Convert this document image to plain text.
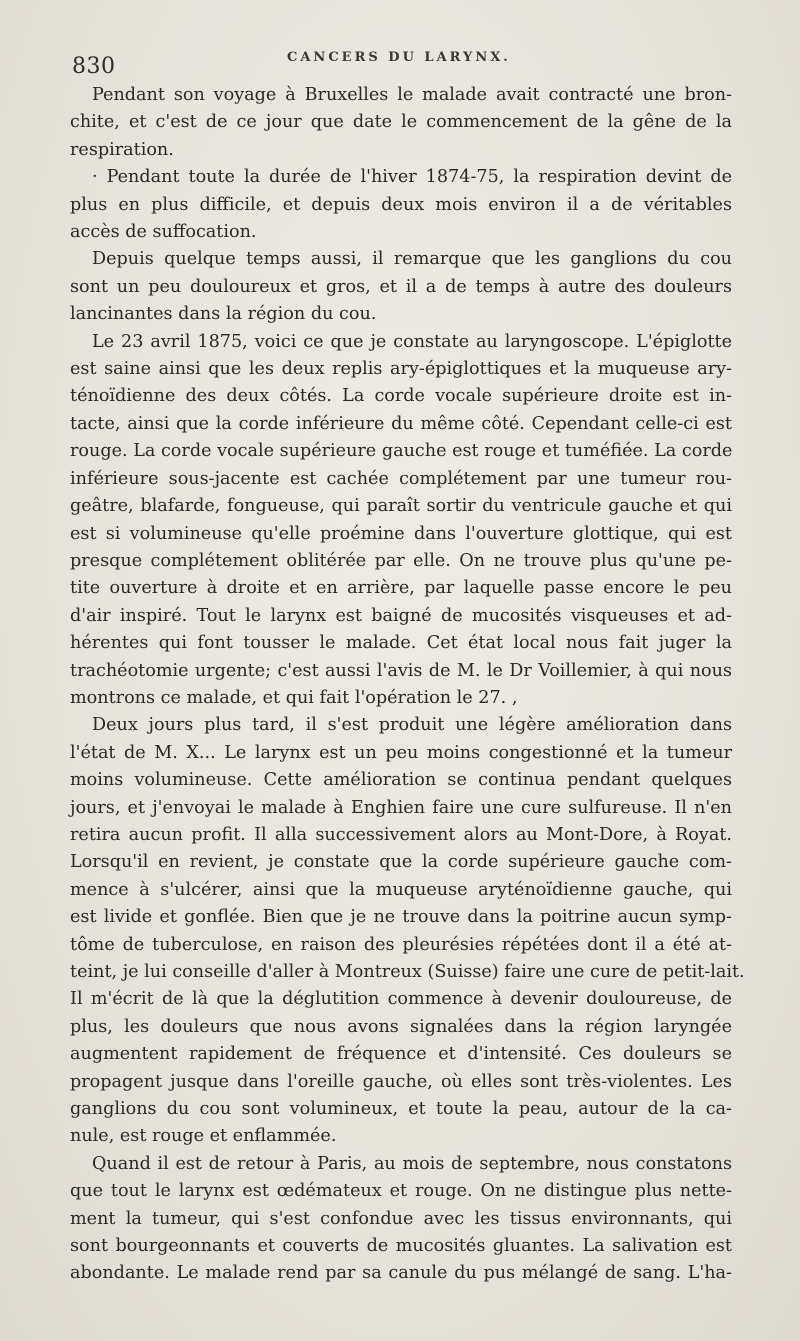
830	CANCERS DU LARYNX.
Pendant son voyage à Bruxelles le malade avait contracté une bron-
chite, et c'est de ce jour que date le commencement de la gêne de la
respiration.
· Pendant toute la durée de l'hiver 1874-75, la respiration devint de
plus en plus difficile, et depuis deux mois environ il a de véritables
accès de suffocation.
Depuis quelque temps aussi, il remarque que les ganglions du cou
sont un peu douloureux et gros, et il a de temps à autre des douleurs
lancinantes dans la région du cou.
Le 23 avril 1875, voici ce que je constate au laryngoscope. L'épiglotte
est saine ainsi que les deux replis ary-épiglottiques et la muqueuse ary-
ténoïdienne des deux côtés. La corde vocale supérieure droite est in-
tacte, ainsi que la corde inférieure du même côté. Cependant celle-ci est
rouge. La corde vocale supérieure gauche est rouge et tuméfiée. La corde
inférieure sous-jacente est cachée complétement par une tumeur rou-
geâtre, blafarde, fongueuse, qui paraît sortir du ventricule gauche et qui
est si volumineuse qu'elle proémine dans l'ouverture glottique, qui est
presque complétement oblitérée par elle. On ne trouve plus qu'une pe-
tite ouverture à droite et en arrière, par laquelle passe encore le peu
d'air inspiré. Tout le larynx est baigné de mucosités visqueuses et ad-
hérentes qui font tousser le malade. Cet état local nous fait juger la
trachéotomie urgente; c'est aussi l'avis de M. le Dr Voillemier, à qui nous
montrons ce malade, et qui fait l'opération le 27. ,
Deux jours plus tard, il s'est produit une légère amélioration dans
l'état de M. X... Le larynx est un peu moins congestionné et la tumeur
moins volumineuse. Cette amélioration se continua pendant quelques
jours, et j'envoyai le malade à Enghien faire une cure sulfureuse. Il n'en
retira aucun profit. Il alla successivement alors au Mont-Dore, à Royat.
Lorsqu'il en revient, je constate que la corde supérieure gauche com-
mence à s'ulcérer, ainsi que la muqueuse aryténoïdienne gauche, qui
est livide et gonflée. Bien que je ne trouve dans la poitrine aucun symp-
tôme de tuberculose, en raison des pleurésies répétées dont il a été at-
teint, je lui conseille d'aller à Montreux (Suisse) faire une cure de petit-lait.
Il m'écrit de là que la déglutition commence à devenir douloureuse, de
plus, les douleurs que nous avons signalées dans la région laryngée
augmentent rapidement de fréquence et d'intensité. Ces douleurs se
propagent jusque dans l'oreille gauche, où elles sont très-violentes. Les
ganglions du cou sont volumineux, et toute la peau, autour de la ca-
nule, est rouge et enflammée.
Quand il est de retour à Paris, au mois de septembre, nous constatons
que tout le larynx est œdémateux et rouge. On ne distingue plus nette-
ment la tumeur, qui s'est confondue avec les tissus environnants, qui
sont bourgeonnants et couverts de mucosités gluantes. La salivation est
abondante. Le malade rend par sa canule du pus mélangé de sang. L'ha-
